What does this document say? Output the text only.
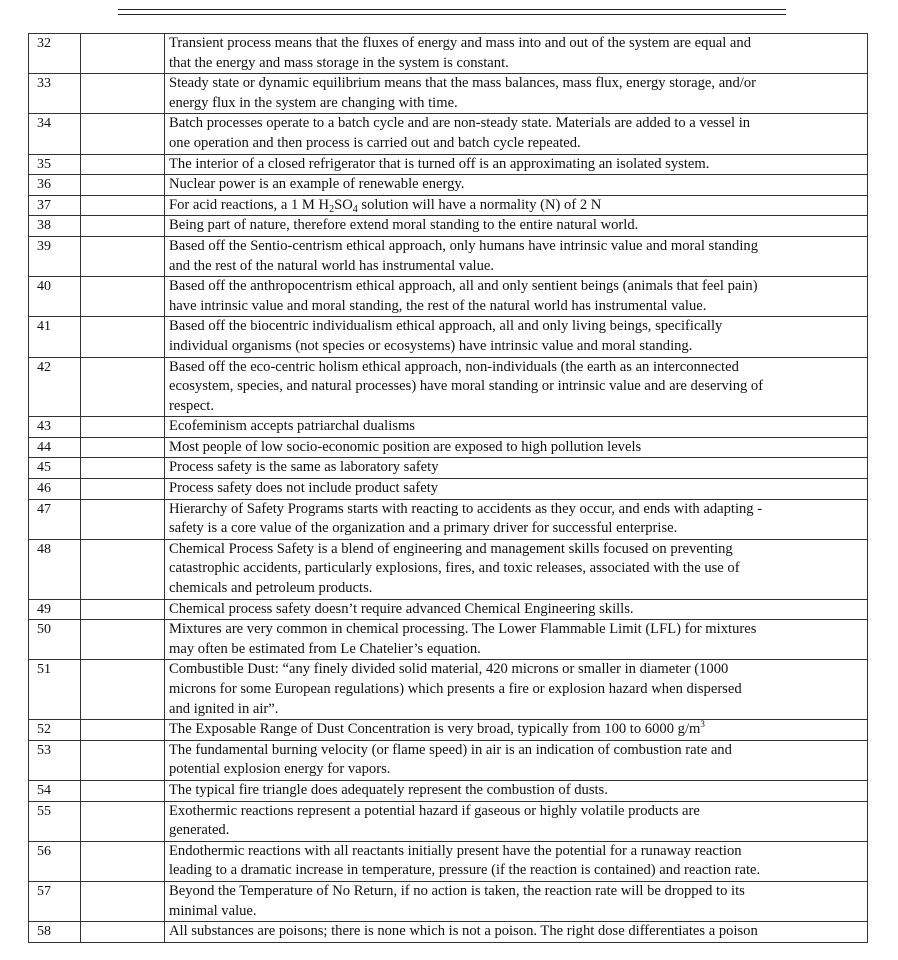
32		Transient process means that the fluxes of energy and mass into and out of the system are equal and
that the energy and mass storage in the system is constant.
33		Steady state or dynamic equilibrium means that the mass balances, mass flux, energy storage, and/or
energy flux in the system are changing with time.
34		Batch processes operate to a batch cycle and are non-steady state. Materials are added to a vessel in
one operation and then process is carried out and batch cycle repeated.
35		The interior of a closed refrigerator that is turned off is an approximating an isolated system.
36		Nuclear power is an example of renewable energy.
37		For acid reactions, a 1 M $H_2SO_4$ solution will have a normality (N) of 2 N
38		Being part of nature, therefore extend moral standing to the entire natural world.
39		Based off the Sentio-centrism ethical approach, only humans have intrinsic value and moral standing
and the rest of the natural world has instrumental value.
40		Based off the anthropocentrism ethical approach, all and only sentient beings (animals that feel pain)
have intrinsic value and moral standing, the rest of the natural world has instrumental value.
41		Based off the biocentric individualism ethical approach, all and only living beings, specifically
individual organisms (not species or ecosystems) have intrinsic value and moral standing.
42		Based off the eco-centric holism ethical approach, non-individuals (the earth as an interconnected
ecosystem, species, and natural processes) have moral standing or intrinsic value and are deserving of
respect.
43		Ecofeminism accepts patriarchal dualisms
44		Most people of low socio-economic position are exposed to high pollution levels
45		Process safety is the same as laboratory safety
46		Process safety does not include product safety
47		Hierarchy of Safety Programs starts with reacting to accidents as they occur, and ends with adapting -
safety is a core value of the organization and a primary driver for successful enterprise.
48		Chemical Process Safety is a blend of engineering and management skills focused on preventing
catastrophic accidents, particularly explosions, fires, and toxic releases, associated with the use of
chemicals and petroleum products.
49		Chemical process safety doesn’t require advanced Chemical Engineering skills.
50		Mixtures are very common in chemical processing. The Lower Flammable Limit (LFL) for mixtures
may often be estimated from Le Chatelier’s equation.
51		Combustible Dust: “any finely divided solid material, 420 microns or smaller in diameter (1000
microns for some European regulations) which presents a fire or explosion hazard when dispersed
and ignited in air”.
52		The Exposable Range of Dust Concentration is very broad, typically from 100 to 6000 $g/m^3$
53		The fundamental burning velocity (or flame speed) in air is an indication of combustion rate and
potential explosion energy for vapors.
54		The typical fire triangle does adequately represent the combustion of dusts.
55		Exothermic reactions represent a potential hazard if gaseous or highly volatile products are
generated.
56		Endothermic reactions with all reactants initially present have the potential for a runaway reaction
leading to a dramatic increase in temperature, pressure (if the reaction is contained) and reaction rate.
57		Beyond the Temperature of No Return, if no action is taken, the reaction rate will be dropped to its
minimal value.
58		All substances are poisons; there is none which is not a poison. The right dose differentiates a poison
